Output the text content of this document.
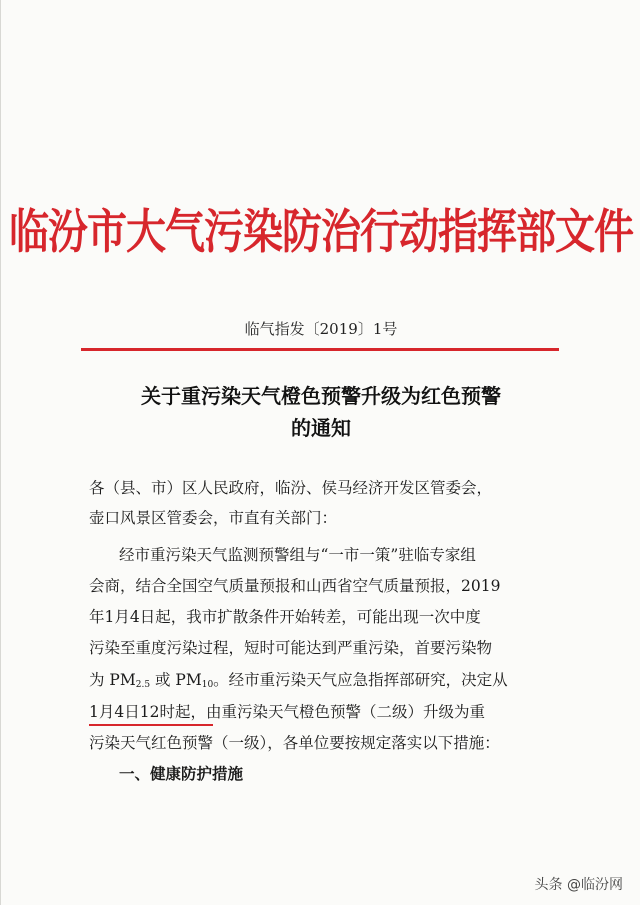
临汾市大气污染防治行动指挥部文件
临气指发〔2019〕1号
关于重污染天气橙色预警升级为红色预警
的通知
各（县、市）区人民政府，临汾、侯马经济开发区管委会，
壶口风景区管委会，市直有关部门：
经市重污染天气监测预警组与“一市一策”驻临专家组
会商，结合全国空气质量预报和山西省空气质量预报，2019
年1月4日起，我市扩散条件开始转差，可能出现一次中度
污染至重度污染过程，短时可能达到严重污染，首要污染物
为 $PM_{2.5}$ 或 $PM_{10}$。经市重污染天气应急指挥部研究，决定从
1月4日12时起，由重污染天气橙色预警（二级）升级为重
污染天气红色预警（一级），各单位要按规定落实以下措施：
一、健康防护措施
头条 @临汾网
